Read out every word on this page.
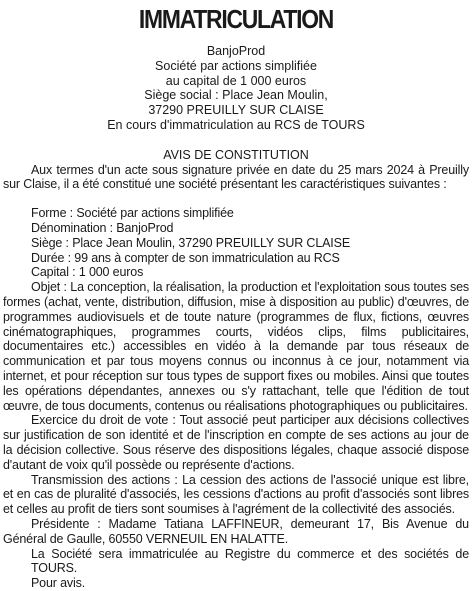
IMMATRICULATION
BanjoProd
Société par actions simplifiée
au capital de 1 000 euros
Siège social : Place Jean Moulin,
37290 PREUILLY SUR CLAISE
En cours d'immatriculation au RCS de TOURS
AVIS DE CONSTITUTION

Aux termes d'un acte sous signature privée en date du 25 mars 2024 à Preuilly sur Claise, il a été constitué une société présentant les caractéristiques suivantes :

Forme : Société par actions simplifiée
Dénomination : BanjoProd
Siège : Place Jean Moulin, 37290 PREUILLY SUR CLAISE
Durée : 99 ans à compter de son immatriculation au RCS
Capital : 1 000 euros

Objet : La conception, la réalisation, la production et l'exploitation sous toutes ses formes (achat, vente, distribution, diffusion, mise à disposition au public) d'œuvres, de programmes audiovisuels et de toute nature (programmes de flux, fictions, œuvres cinématographiques, programmes courts, vidéos clips, films publicitaires, documentaires etc.) accessibles en vidéo à la demande par tous réseaux de communication et par tous moyens connus ou inconnus à ce jour, notamment via internet, et pour réception sur tous types de support fixes ou mobiles. Ainsi que toutes les opérations dépendantes, annexes ou s'y rattachant, telle que l'édition de tout œuvre, de tous documents, contenus ou réalisations photographiques ou publicitaires.

Exercice du droit de vote : Tout associé peut participer aux décisions collectives sur justification de son identité et de l'inscription en compte de ses actions au jour de la décision collective. Sous réserve des dispositions légales, chaque associé dispose d'autant de voix qu'il possède ou représente d'actions.

Transmission des actions : La cession des actions de l'associé unique est libre, et en cas de pluralité d'associés, les cessions d'actions au profit d'associés sont libres et celles au profit de tiers sont soumises à l'agrément de la collectivité des associés.

Présidente : Madame Tatiana LAFFINEUR, demeurant 17, Bis Avenue du Général de Gaulle, 60550 VERNEUIL EN HALATTE.

La Société sera immatriculée au Registre du commerce et des sociétés de TOURS.
Pour avis.
